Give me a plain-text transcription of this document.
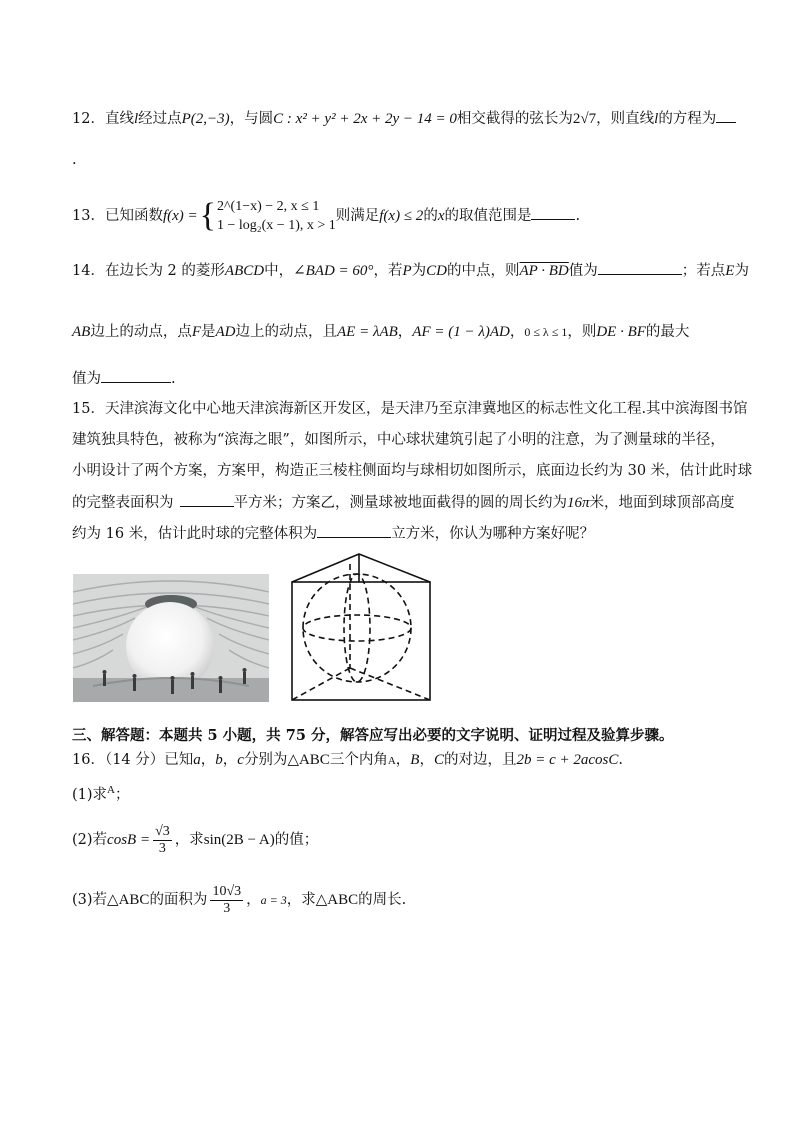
12．直线l经过点P(2,−3)，与圆C : x² + y² + 2x + 2y − 14 = 0相交截得的弦长为2√7，则直线l的方程为
.
13．已知函数f(x) ={ 2^(1−x) − 2, x ≤ 1
1 − log₂(x − 1), x > 1
则满足f(x) ≤ 2的x的取值范围是	.
14．在边长为 2 的菱形ABCD中，∠BAD = 60°，若P为CD的中点，则AP · BD值为	；若点E为
AB边上的动点，点F是AD边上的动点，且AE = λAB，AF = (1 − λ)AD，0 ≤ λ ≤ 1，则DE · BF的最大
值为	.
15．天津滨海文化中心地天津滨海新区开发区，是天津乃至京津冀地区的标志性文化工程.其中滨海图书馆
建筑独具特色，被称为“滨海之眼”，如图所示，中心球状建筑引起了小明的注意，为了测量球的半径，
小明设计了两个方案，方案甲，构造正三棱柱侧面均与球相切如图所示，底面边长约为 30 米，估计此时球
的完整表面积为	平方米；方案乙，测量球被地面截得的圆的周长约为16π米，地面到球顶部高度
约为 16 米，估计此时球的完整体积为	立方米，你认为哪种方案好呢？
三、解答题：本题共 5 小题，共 75 分，解答应写出必要的文字说明、证明过程及验算步骤。
16．（14 分）已知a，b，c分别为△ABC三个内角A，B，C的对边，且2b = c + 2acosC.
(1)求$^A$；
(2)若$\cos B = \frac{√3}{3}$ ，求sin(2B − A)的值；
(3)若△ABC的面积为 $\frac{10√3}{3}$ ，a = 3，求△ABC的周长.
